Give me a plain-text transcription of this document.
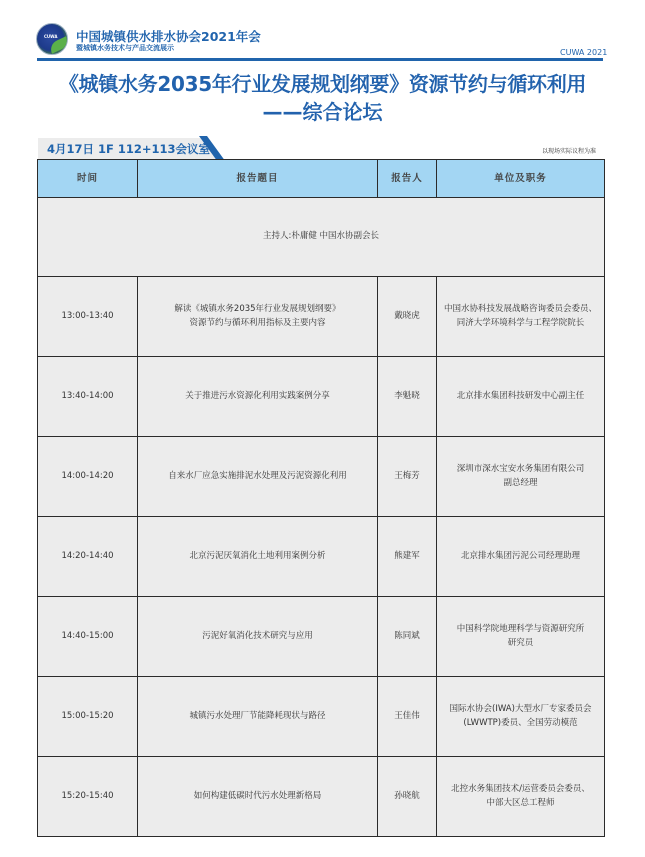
CUWA 中国城镇供水排水协会2021年会
暨城镇水务技术与产品交流展示	CUWA 2021
《城镇水务2035年行业发展规划纲要》资源节约与循环利用
——综合论坛
4月17日 1F 112+113会议室	以现场实际议程为准
时间	报告题目	报告人	单位及职务
主持人:朴庸健 中国水协副会长			
13:00-13:40	解读《城镇水务2035年行业发展规划纲要》
资源节约与循环利用指标及主要内容	戴晓虎	中国水协科技发展战略咨询委员会委员、
同济大学环境科学与工程学院院长

13:40-14:00	关于推进污水资源化利用实践案例分享	李魁晓	北京排水集团科技研发中心副主任

14:00-14:20	自来水厂应急实施排泥水处理及污泥资源化利用	王梅芳	深圳市深水宝安水务集团有限公司
副总经理

14:20-14:40	北京污泥厌氧消化土地利用案例分析	熊建军	北京排水集团污泥公司经理助理

14:40-15:00	污泥好氧消化技术研究与应用	陈同斌	中国科学院地理科学与资源研究所
研究员

15:00-15:20	城镇污水处理厂节能降耗现状与路径	王佳伟	国际水协会(IWA)大型水厂专家委员会
(LWWTP)委员、全国劳动模范

15:20-15:40	如何构建低碳时代污水处理新格局	孙晓航	北控水务集团技术/运营委员会委员、
中部大区总工程师
